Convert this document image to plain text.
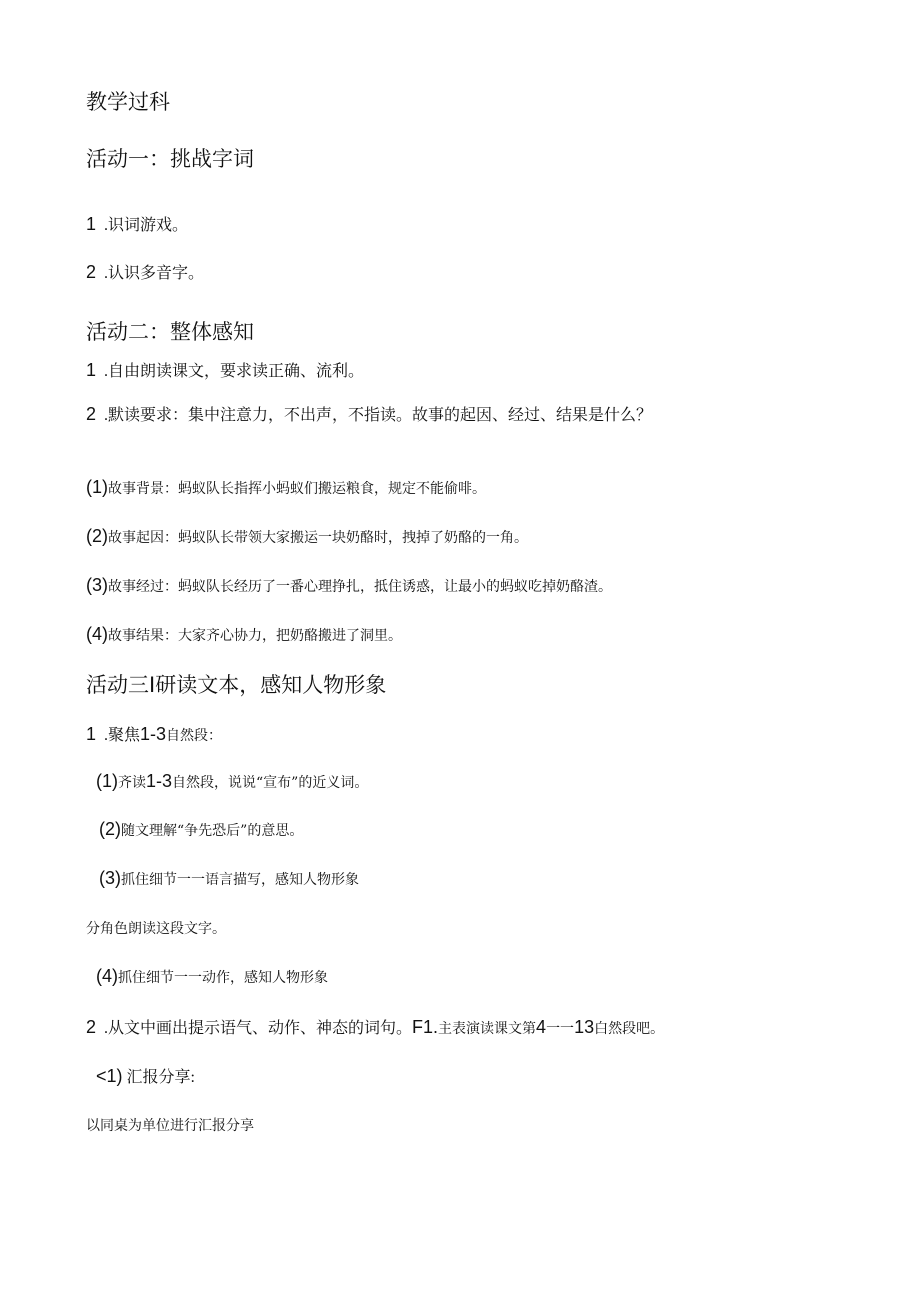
教学过科
活动一：挑战字词
1 .识词游戏。
2 .认识多音字。
活动二：整体感知
1 .自由朗读课文，要求读正确、流利。
2 .默读要求：集中注意力，不出声，不指读。故事的起因、经过、结果是什么？
(1)故事背景：蚂蚁队长指挥小蚂蚁们搬运粮食，规定不能偷啡。
(2)故事起因：蚂蚁队长带领大家搬运一块奶酪时，拽掉了奶酪的一角。
(3)故事经过：蚂蚁队长经历了一番心理挣扎，抵住诱惑，让最小的蚂蚁吃掉奶酪渣。
(4)故事结果：大家齐心协力，把奶酪搬进了洞里。
活动三I研读文本，感知人物形象
1 .聚焦1-3自然段：
(1)齐读1-3自然段，说说“宣布”的近义词。
(2)随文理解“争先恐后”的意思。
(3)抓住细节一一语言描写，感知人物形象
分角色朗读这段文字。
(4)抓住细节一一动作，感知人物形象
2 .从文中画出提示语气、动作、神态的词句。F1.主表演读课文第4一一13白然段吧。
<1) 汇报分享:
以同桌为单位进行汇报分享
